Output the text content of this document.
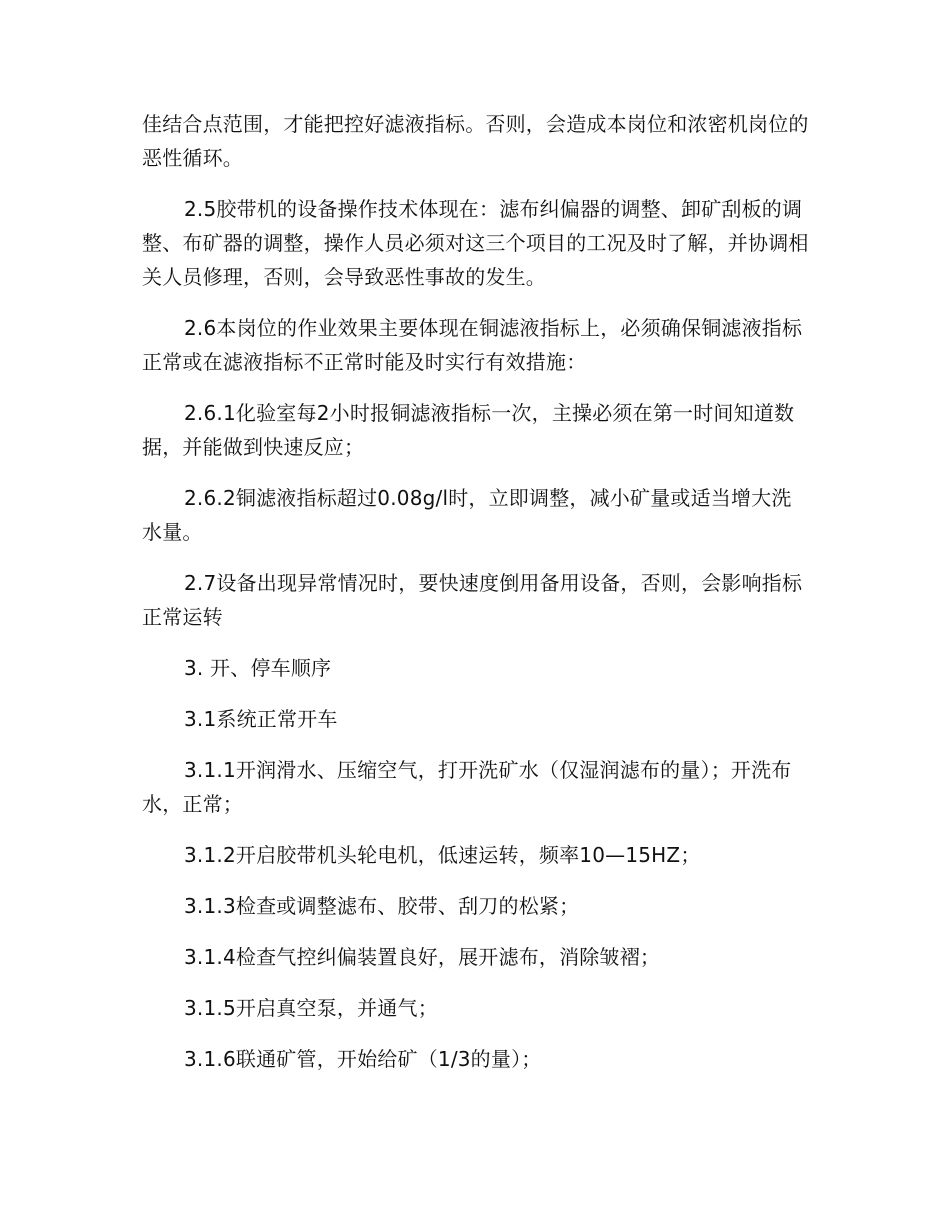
佳结合点范围，才能把控好滤液指标。否则，会造成本岗位和浓密机岗位的恶性循环。

2.5胶带机的设备操作技术体现在：滤布纠偏器的调整、卸矿刮板的调整、布矿器的调整，操作人员必须对这三个项目的工况及时了解，并协调相关人员修理，否则，会导致恶性事故的发生。

2.6本岗位的作业效果主要体现在铜滤液指标上，必须确保铜滤液指标正常或在滤液指标不正常时能及时实行有效措施：

2.6.1化验室每2小时报铜滤液指标一次，主操必须在第一时间知道数据，并能做到快速反应；

2.6.2铜滤液指标超过0.08g/l时，立即调整，减小矿量或适当增大洗水量。

2.7设备出现异常情况时，要快速度倒用备用设备，否则，会影响指标正常运转

3. 开、停车顺序

3.1系统正常开车

3.1.1开润滑水、压缩空气，打开洗矿水（仅湿润滤布的量）；开洗布水，正常；

3.1.2开启胶带机头轮电机，低速运转，频率10—15HZ；

3.1.3检查或调整滤布、胶带、刮刀的松紧；

3.1.4检查气控纠偏装置良好，展开滤布，消除皱褶；

3.1.5开启真空泵，并通气；

3.1.6联通矿管，开始给矿（1/3的量）；
